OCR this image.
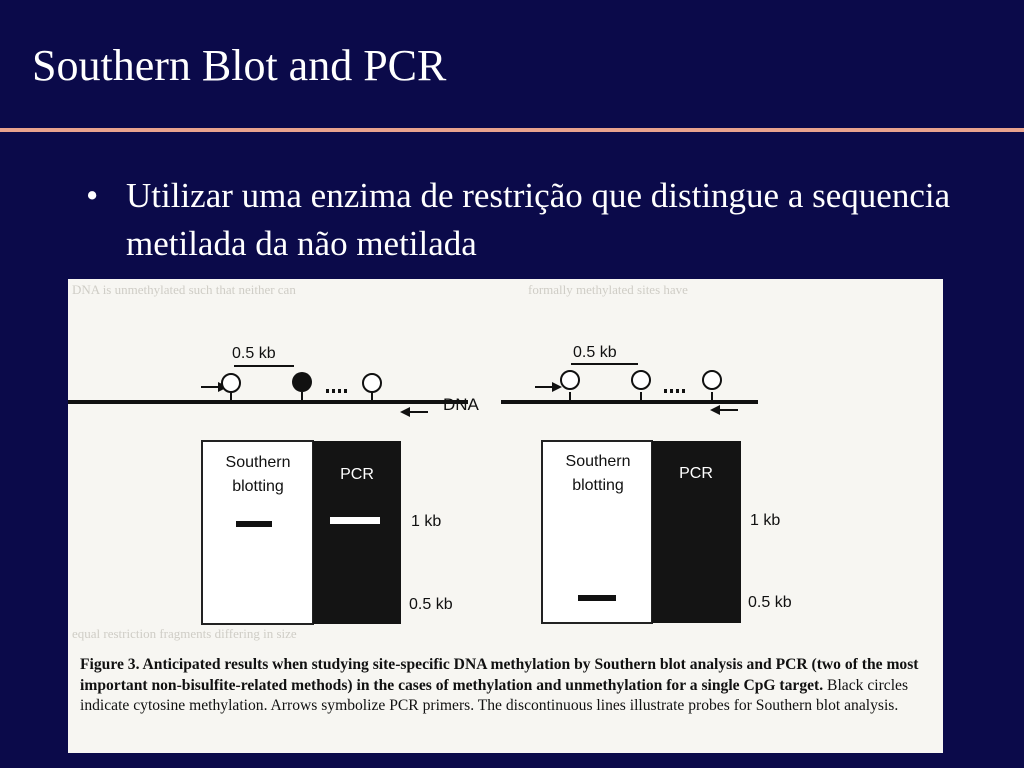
Southern Blot and PCR
• Utilizar uma enzima de restrição que distingue a sequencia metilada da não metilada
DNA is unmethylated such that neither can	formally methylated sites have
equal restriction fragments differing in size
0.5 kb
Southern
blotting
PCR
1 kb
0.5 kb
DNA
0.5 kb
Southern
blotting
PCR
1 kb
0.5 kb
Figure 3. Anticipated results when studying site-specific DNA methylation by Southern blot analysis and PCR (two of the most important non-bisulfite-related methods) in the cases of methylation and unmethylation for a single CpG target. Black circles indicate cytosine methylation. Arrows symbolize PCR primers. The discontinuous lines illustrate probes for Southern blot analysis.
